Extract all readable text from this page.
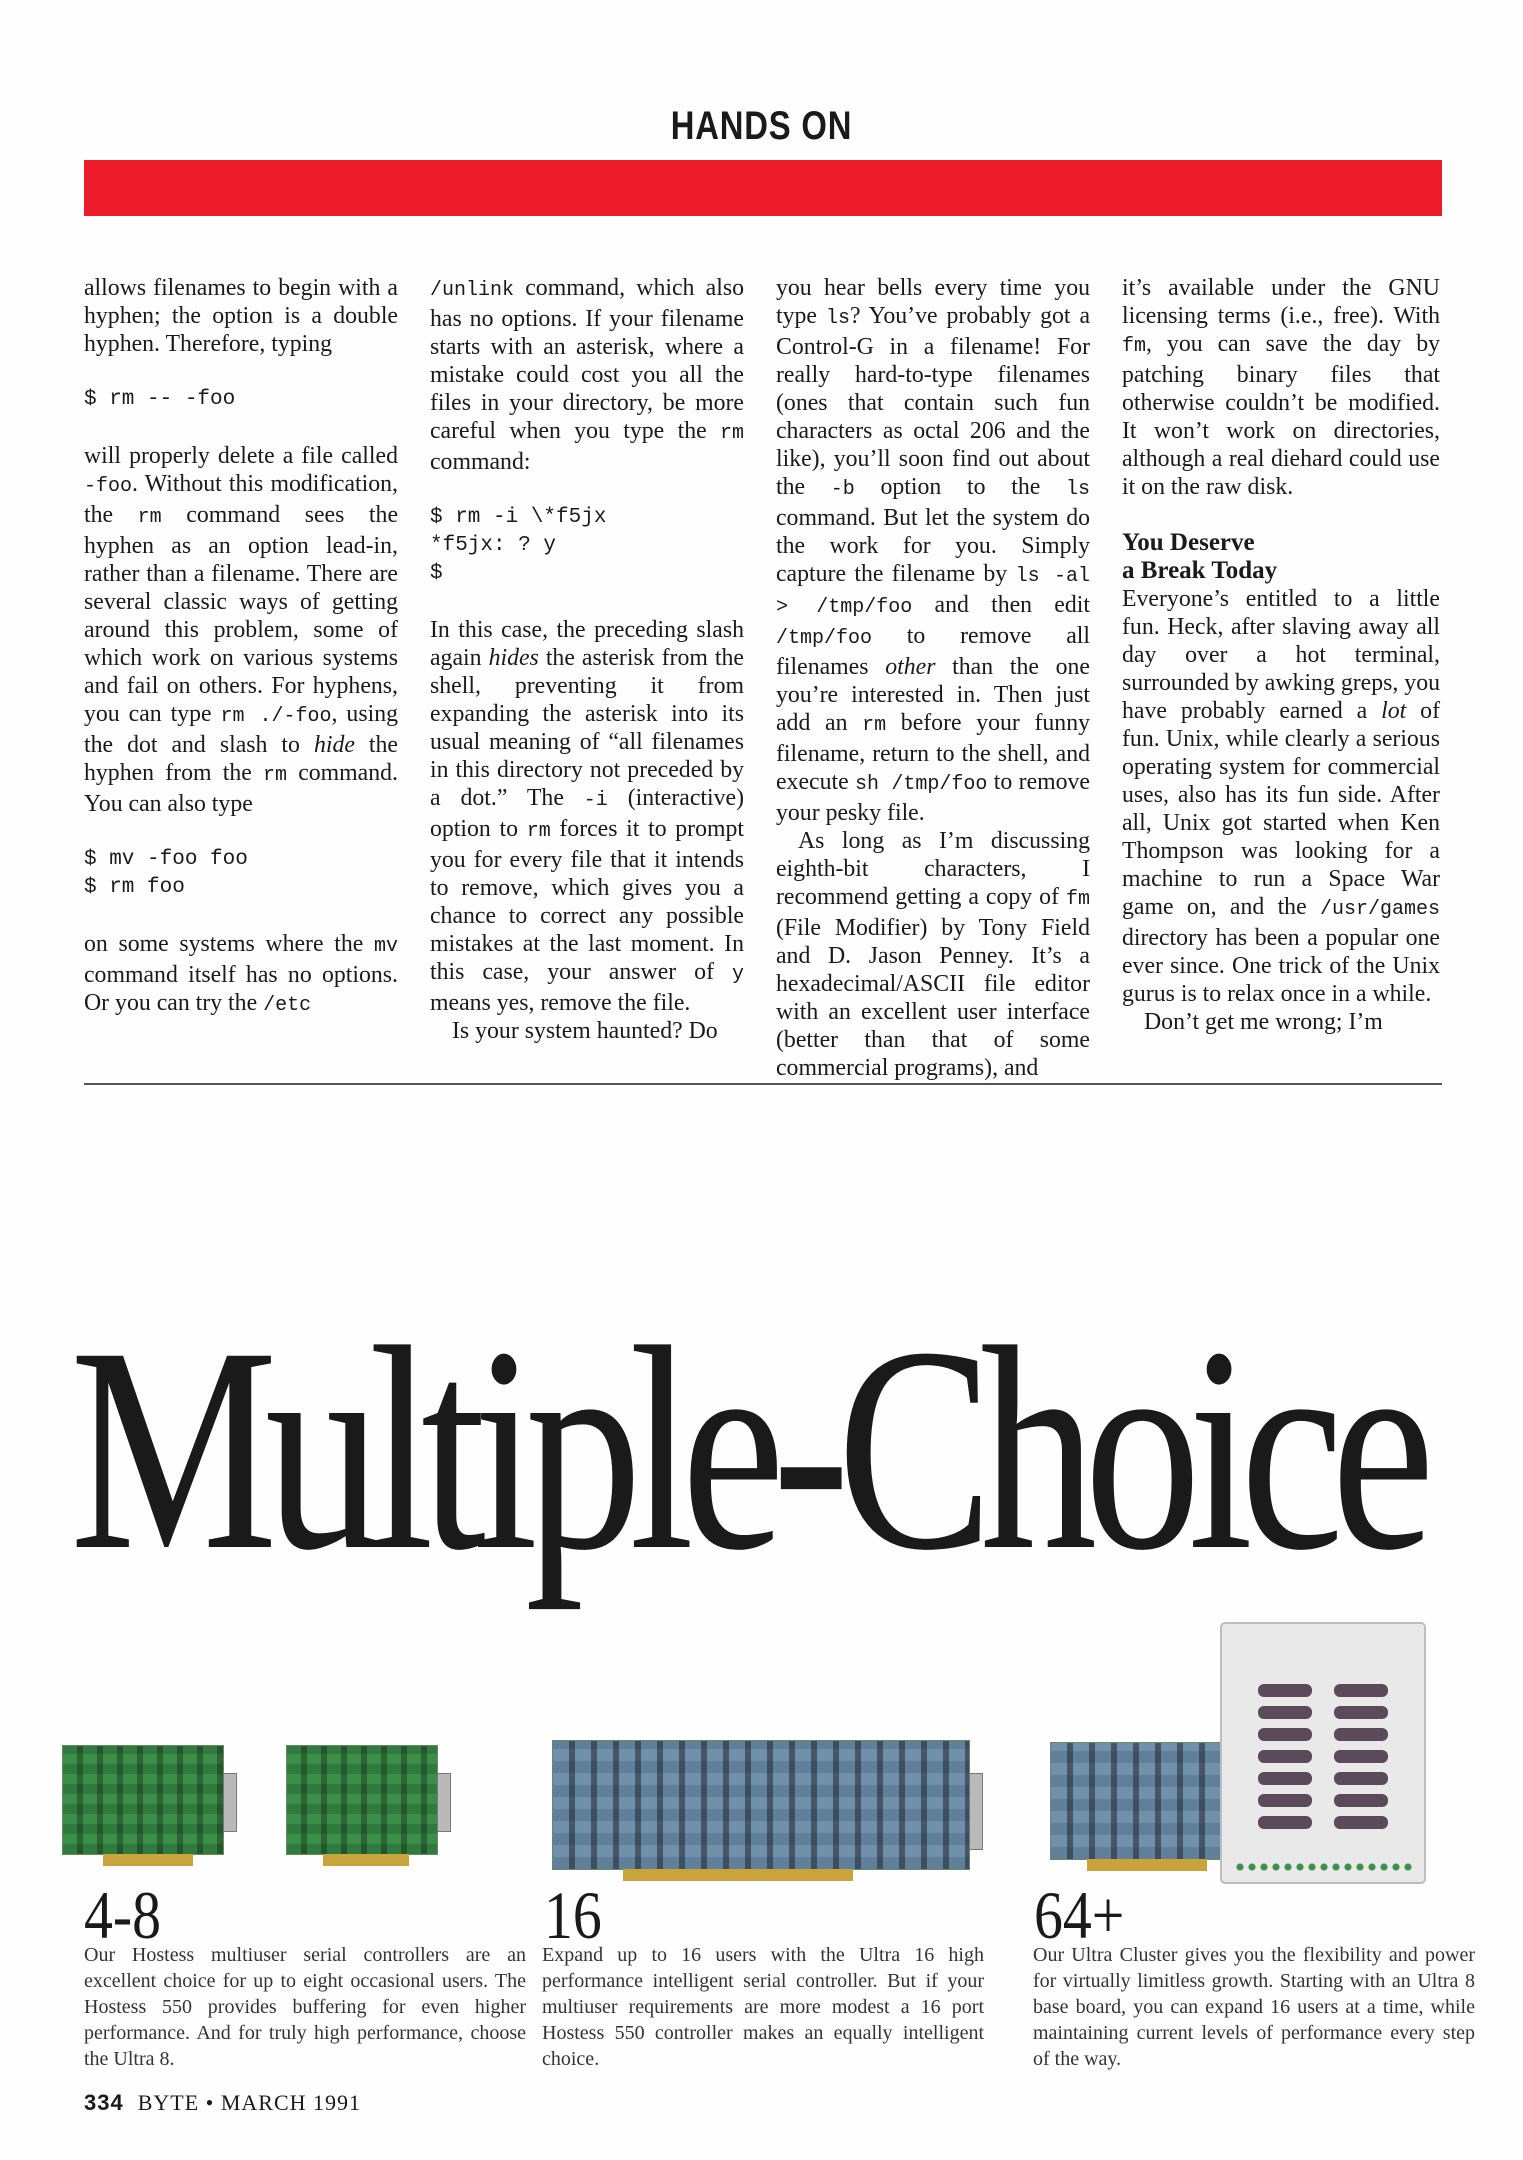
HANDS ON

allows filenames to begin with a hyphen; the option is a double hyphen. Therefore, typing

$ rm -- -foo

will properly delete a file called -foo. Without this modification, the rm command sees the hyphen as an option lead-in, rather than a filename. There are several classic ways of getting around this problem, some of which work on various systems and fail on others. For hyphens, you can type rm ./-foo, using the dot and slash to hide the hyphen from the rm command. You can also type

$ mv -foo foo
$ rm foo

on some systems where the mv command itself has no options. Or you can try the /etc

/unlink command, which also has no options. If your filename starts with an asterisk, where a mistake could cost you all the files in your directory, be more careful when you type the rm command:

$ rm -i \*f5jx
*f5jx: ? y
$

In this case, the preceding slash again hides the asterisk from the shell, preventing it from expanding the asterisk into its usual meaning of “all filenames in this directory not preceded by a dot.” The -i (interactive) option to rm forces it to prompt you for every file that it intends to remove, which gives you a chance to correct any possible mistakes at the last moment. In this case, your answer of y means yes, remove the file.

Is your system haunted? Do

you hear bells every time you type ls? You’ve probably got a Control-G in a filename! For really hard-to-type filenames (ones that contain such fun characters as octal 206 and the like), you’ll soon find out about the -b option to the ls command. But let the system do the work for you. Simply capture the filename by ls -al > /tmp/foo and then edit /tmp/foo to remove all filenames other than the one you’re interested in. Then just add an rm before your funny filename, return to the shell, and execute sh /tmp/foo to remove your pesky file.

As long as I’m discussing eighth-bit characters, I recommend getting a copy of fm (File Modifier) by Tony Field and D. Jason Penney. It’s a hexadecimal/ASCII file editor with an excellent user interface (better than that of some commercial programs), and

it’s available under the GNU licensing terms (i.e., free). With fm, you can save the day by patching binary files that otherwise couldn’t be modified. It won’t work on directories, although a real diehard could use it on the raw disk.

You Deserve
a Break Today

Everyone’s entitled to a little fun. Heck, after slaving away all day over a hot terminal, surrounded by awking greps, you have probably earned a lot of fun. Unix, while clearly a serious operating system for commercial uses, also has its fun side. After all, Unix got started when Ken Thompson was looking for a machine to run a Space War game on, and the /usr/games directory has been a popular one ever since. One trick of the Unix gurus is to relax once in a while.

Don’t get me wrong; I’m

Multiple-Choice
4-8	16	64+
Our Hostess multiuser serial controllers are an excellent choice for up to eight occasional users. The Hostess 550 provides buffering for even higher performance. And for truly high performance, choose the Ultra 8.
Expand up to 16 users with the Ultra 16 high performance intelligent serial controller. But if your multiuser requirements are more modest a 16 port Hostess 550 controller makes an equally intelligent choice.
Our Ultra Cluster gives you the flexibility and power for virtually limitless growth. Starting with an Ultra 8 base board, you can expand 16 users at a time, while maintaining current levels of performance every step of the way.
334 BYTE • MARCH 1991
